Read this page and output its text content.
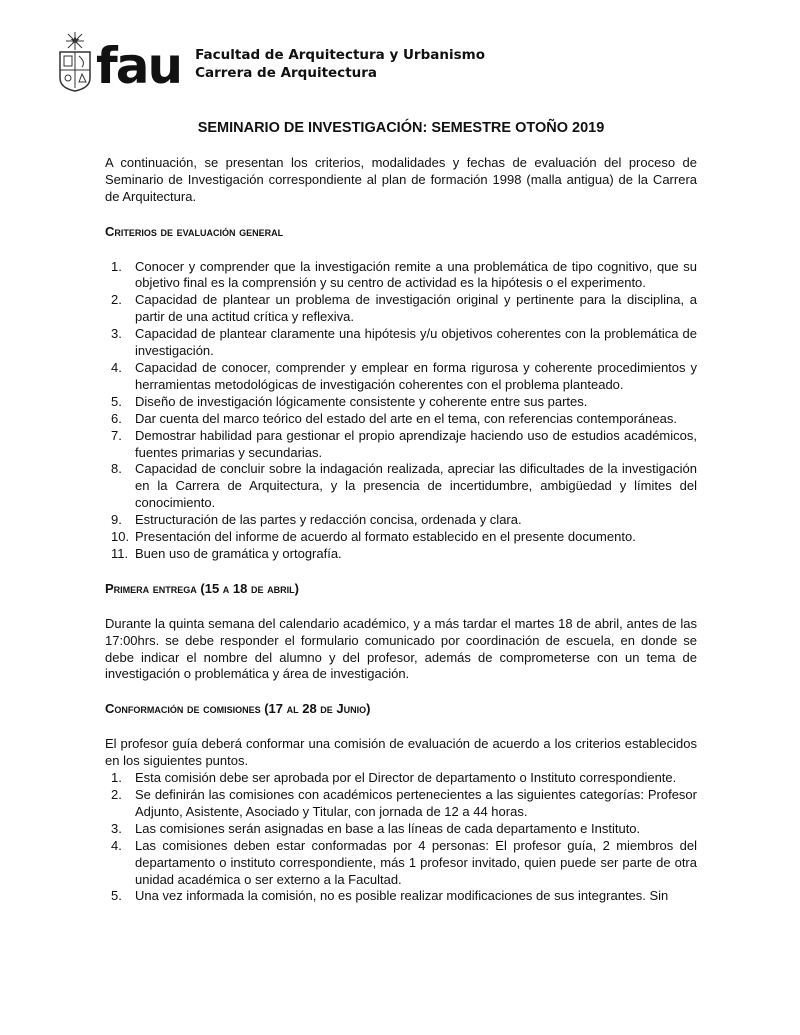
fau Facultad de Arquitectura y Urbanismo
Carrera de Arquitectura
SEMINARIO DE INVESTIGACIÓN: SEMESTRE OTOÑO 2019

A continuación, se presentan los criterios, modalidades y fechas de evaluación del proceso de Seminario de Investigación correspondiente al plan de formación 1998 (malla antigua) de la Carrera de Arquitectura.

Criterios de evaluación general
1. Conocer y comprender que la investigación remite a una problemática de tipo cognitivo, que su objetivo final es la comprensión y su centro de actividad es la hipótesis o el experimento.
2. Capacidad de plantear un problema de investigación original y pertinente para la disciplina, a partir de una actitud crítica y reflexiva.
3. Capacidad de plantear claramente una hipótesis y/u objetivos coherentes con la problemática de investigación.
4. Capacidad de conocer, comprender y emplear en forma rigurosa y coherente procedimientos y herramientas metodológicas de investigación coherentes con el problema planteado.
5. Diseño de investigación lógicamente consistente y coherente entre sus partes.
6. Dar cuenta del marco teórico del estado del arte en el tema, con referencias contemporáneas.
7. Demostrar habilidad para gestionar el propio aprendizaje haciendo uso de estudios académicos, fuentes primarias y secundarias.
8. Capacidad de concluir sobre la indagación realizada, apreciar las dificultades de la investigación en la Carrera de Arquitectura, y la presencia de incertidumbre, ambigüedad y límites del conocimiento.
9. Estructuración de las partes y redacción concisa, ordenada y clara.
10. Presentación del informe de acuerdo al formato establecido en el presente documento.
11. Buen uso de gramática y ortografía.
Primera entrega (15 a 18 de abril)

Durante la quinta semana del calendario académico, y a más tardar el martes 18 de abril, antes de las 17:00hrs. se debe responder el formulario comunicado por coordinación de escuela, en donde se debe indicar el nombre del alumno y del profesor, además de comprometerse con un tema de investigación o problemática y área de investigación.

Conformación de comisiones (17 al 28 de Junio)

El profesor guía deberá conformar una comisión de evaluación de acuerdo a los criterios establecidos en los siguientes puntos.

1. Esta comisión debe ser aprobada por el Director de departamento o Instituto correspondiente.
2. Se definirán las comisiones con académicos pertenecientes a las siguientes categorías: Profesor Adjunto, Asistente, Asociado y Titular, con jornada de 12 a 44 horas.
3. Las comisiones serán asignadas en base a las líneas de cada departamento e Instituto.
4. Las comisiones deben estar conformadas por 4 personas: El profesor guía, 2 miembros del departamento o instituto correspondiente, más 1 profesor invitado, quien puede ser parte de otra unidad académica o ser externo a la Facultad.
5. Una vez informada la comisión, no es posible realizar modificaciones de sus integrantes. Sin
